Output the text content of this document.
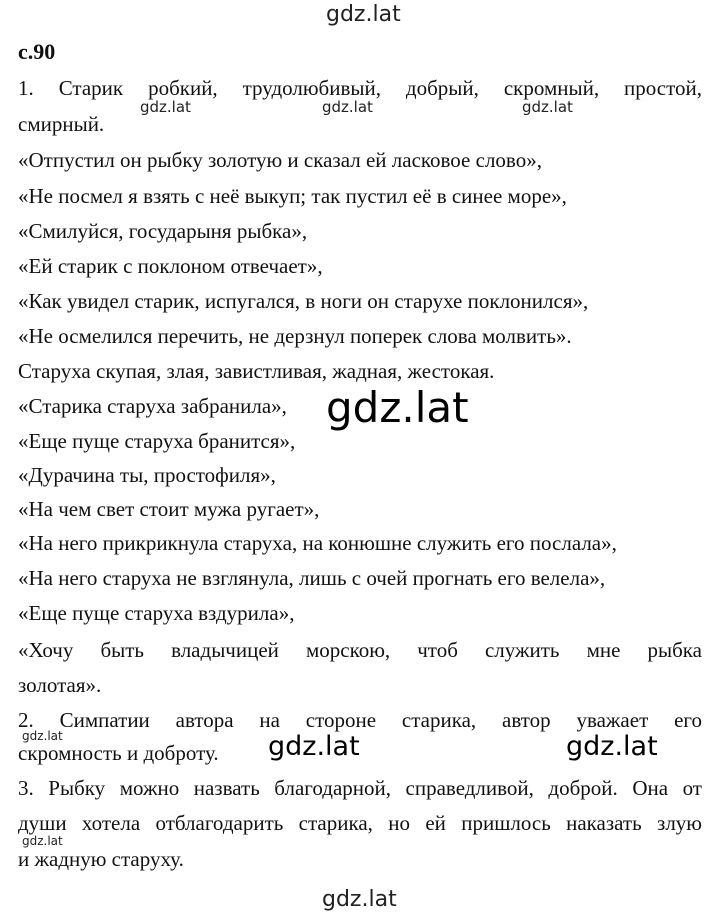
gdz.lat
с.90
1. Старик робкий, трудолюбивый, добрый, скромный, простой,
смирный.
«Отпустил он рыбку золотую и сказал ей ласковое слово»,
«Не посмел я взять с неё выкуп; так пустил её в синее море»,
«Смилуйся, государыня рыбка»,
«Ей старик с поклоном отвечает»,
«Как увидел старик, испугался, в ноги он старухе поклонился»,
«Не осмелился перечить, не дерзнул поперек слова молвить».
Старуха скупая, злая, завистливая, жадная, жестокая.
«Старика старуха забранила»,
«Еще пуще старуха бранится»,
«Дурачина ты, простофиля»,
«На чем свет стоит мужа ругает»,
«На него прикрикнула старуха, на конюшне служить его послала»,
«На него старуха не взглянула, лишь с очей прогнать его велела»,
«Еще пуще старуха вздурила»,
«Хочу быть владычицей морскою, чтоб служить мне рыбка
золотая».
2. Симпатии автора на стороне старика, автор уважает его
скромность и доброту.
3. Рыбку можно назвать благодарной, справедливой, доброй. Она от
души хотела отблагодарить старика, но ей пришлось наказать злую
и жадную старуху.
gdz.lat	gdz.lat	gdz.lat
gdz.lat
gdz.lat	gdz.lat	gdz.lat
gdz.lat
gdz.lat
